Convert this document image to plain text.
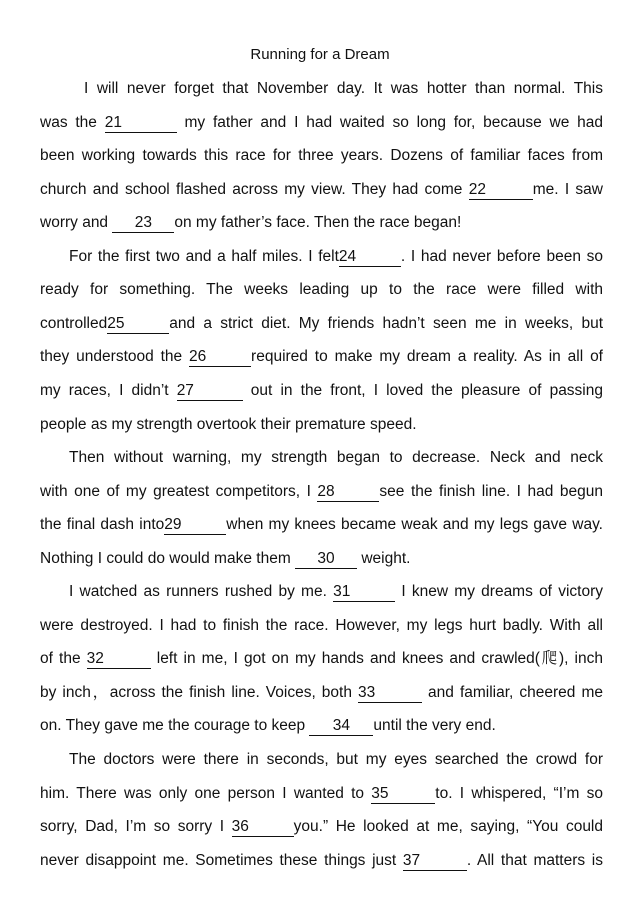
Running for a Dream
I will never forget that November day. It was hotter than normal. This
was the 21	my father and I had waited so long for, because we had
been working towards this race for three years. Dozens of familiar faces from
church and school flashed across my view. They had come 22	me. I saw
worry and 23 on my father’s face. Then the race began!
For the first two and a half miles. I felt24	. I had never before been so
ready for something. The weeks leading up to the race were filled with
controlled25	and a strict diet. My friends hadn’t seen me in weeks, but
they understood the 26	required to make my dream a reality. As in all of
my races, I didn’t 27	out in the front, I loved the pleasure of passing
people as my strength overtook their premature speed.
Then without warning, my strength began to decrease. Neck and neck
with one of my greatest competitors, I 28	see the finish line. I had begun
the final dash into29	when my knees became weak and my legs gave way.
Nothing I could do would make them 30 weight.
I watched as runners rushed by me. 31	I knew my dreams of victory
were destroyed. I had to finish the race. However, my legs hurt badly. With all
of the 32	left in me, I got on my hands and knees and crawled(爬), inch
by inch，across the finish line. Voices, both 33	and familiar, cheered me
on. They gave me the courage to keep 34 until the very end.
The doctors were there in seconds, but my eyes searched the crowd for
him. There was only one person I wanted to 35	to. I whispered, “I’m so
sorry, Dad, I’m so sorry I 36	you.” He looked at me, saying, “You could
never disappoint me. Sometimes these things just 37	. All that matters is
